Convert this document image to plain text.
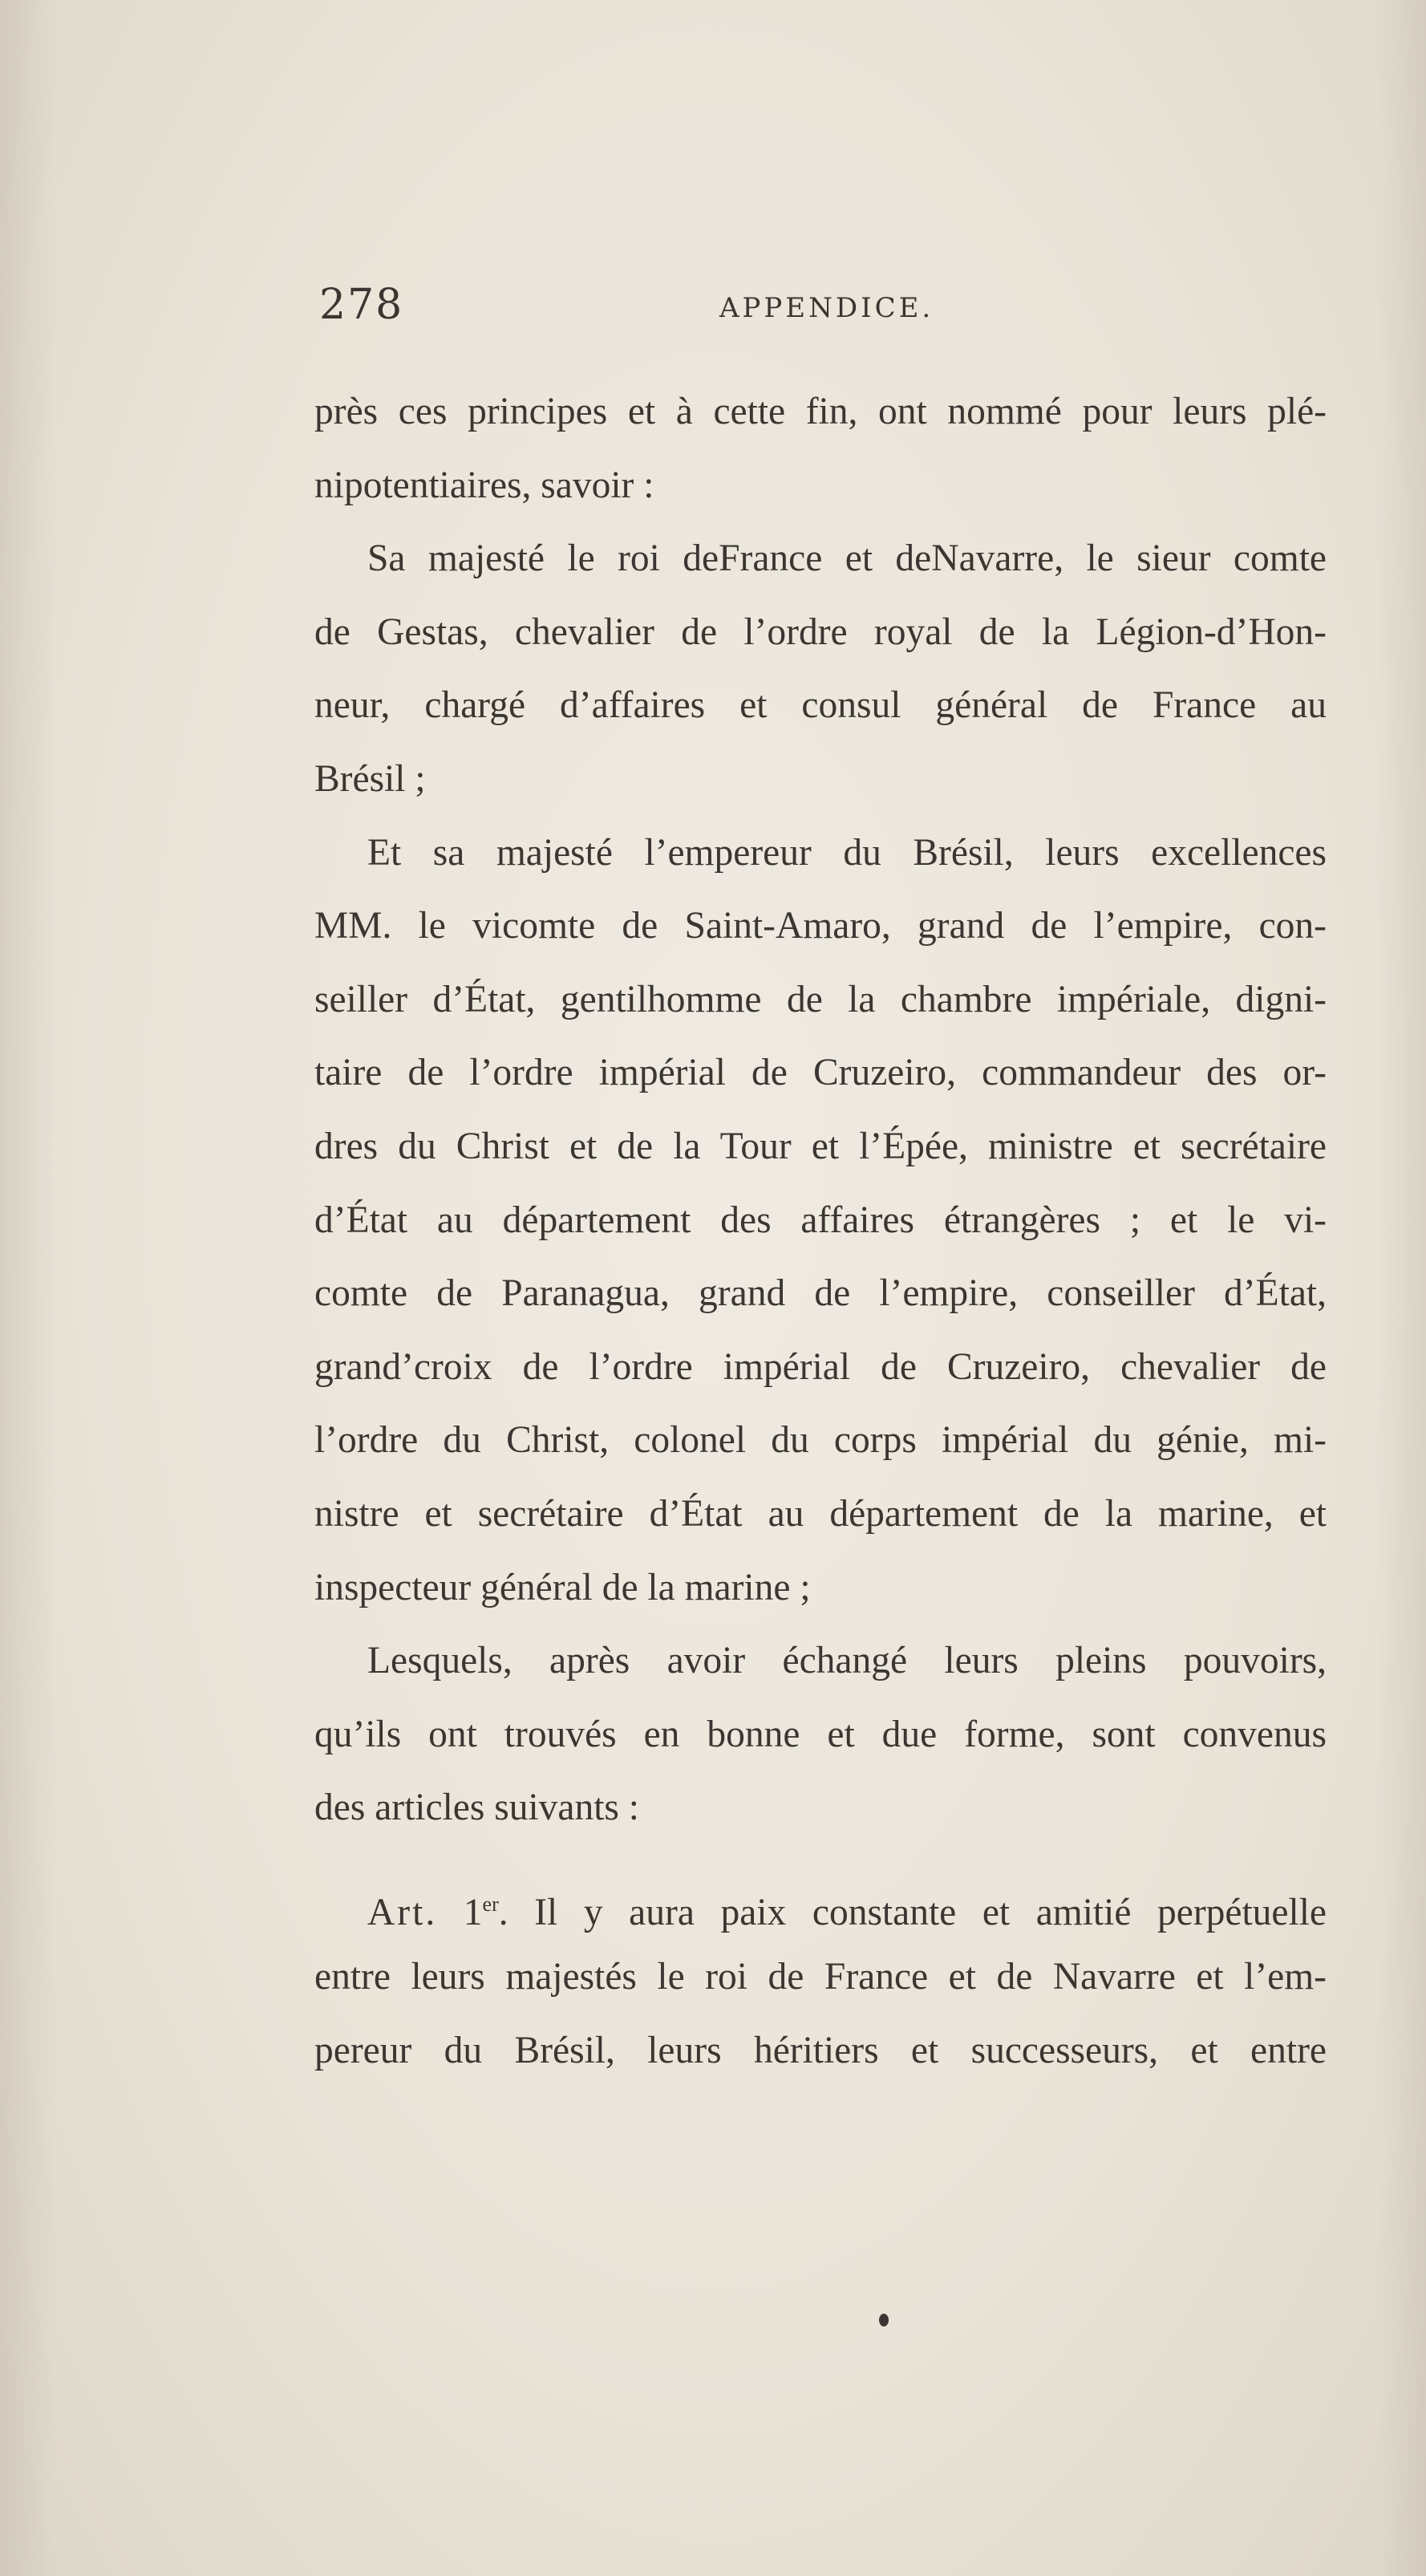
278	APPENDICE.
près ces principes et à cette fin, ont nommé pour leurs plé-
nipotentiaires, savoir :
Sa majesté le roi deFrance et deNavarre, le sieur comte
de Gestas, chevalier de l’ordre royal de la Légion-d’Hon-
neur, chargé d’affaires et consul général de France au
Brésil ;
Et sa majesté l’empereur du Brésil, leurs excellences
MM. le vicomte de Saint-Amaro, grand de l’empire, con-
seiller d’État, gentilhomme de la chambre impériale, digni-
taire de l’ordre impérial de Cruzeiro, commandeur des or-
dres du Christ et de la Tour et l’Épée, ministre et secrétaire
d’État au département des affaires étrangères ; et le vi-
comte de Paranagua, grand de l’empire, conseiller d’État,
grand’croix de l’ordre impérial de Cruzeiro, chevalier de
l’ordre du Christ, colonel du corps impérial du génie, mi-
nistre et secrétaire d’État au département de la marine, et
inspecteur général de la marine ;
Lesquels, après avoir échangé leurs pleins pouvoirs,
qu’ils ont trouvés en bonne et due forme, sont convenus
des articles suivants :
Art. 1er. Il y aura paix constante et amitié perpétuelle
entre leurs majestés le roi de France et de Navarre et l’em-
pereur du Brésil, leurs héritiers et successeurs, et entre
